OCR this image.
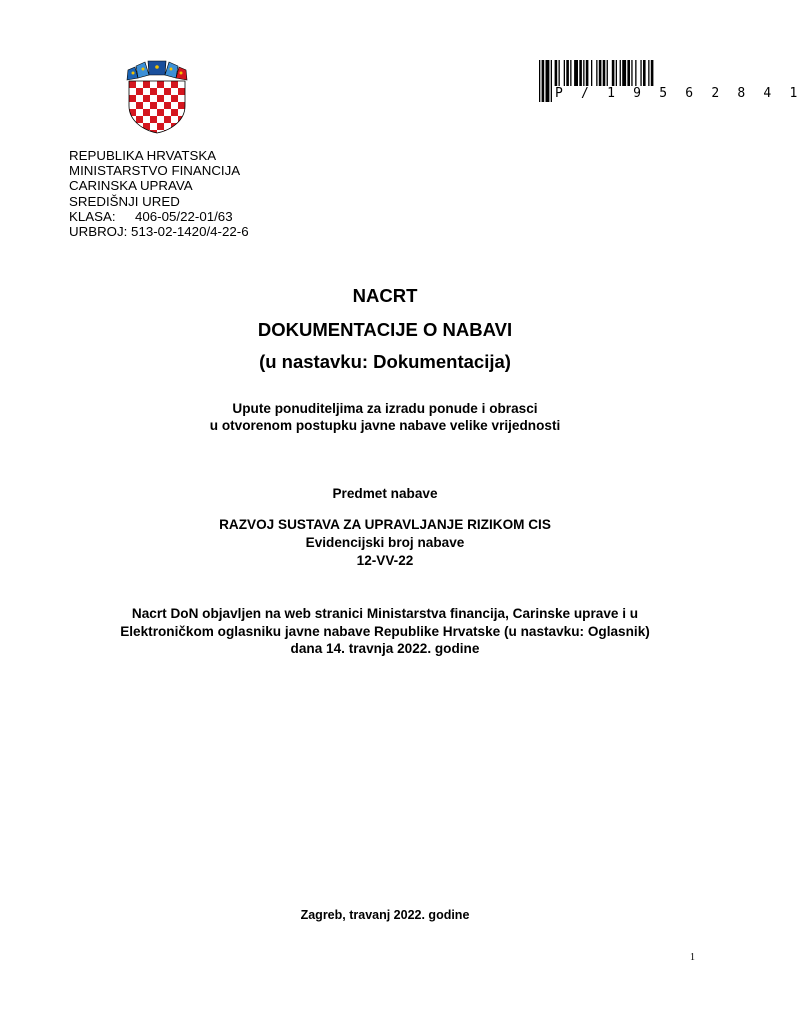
P / 1 9 5 6 2 8 4 1
REPUBLIKA HRVATSKA
MINISTARSTVO FINANCIJA
CARINSKA UPRAVA
SREDIŠNJI URED
KLASA: 406-05/22-01/63
URBROJ: 513-02-1420/4-22-6
NACRT
DOKUMENTACIJE O NABAVI
(u nastavku: Dokumentacija)
Upute ponuditeljima za izradu ponude i obrasci
u otvorenom postupku javne nabave velike vrijednosti
Predmet nabave
RAZVOJ SUSTAVA ZA UPRAVLJANJE RIZIKOM CIS
Evidencijski broj nabave
12-VV-22
Nacrt DoN objavljen na web stranici Ministarstva financija, Carinske uprave i u
Elektroničkom oglasniku javne nabave Republike Hrvatske (u nastavku: Oglasnik)
dana 14. travnja 2022. godine
Zagreb, travanj 2022. godine
1
